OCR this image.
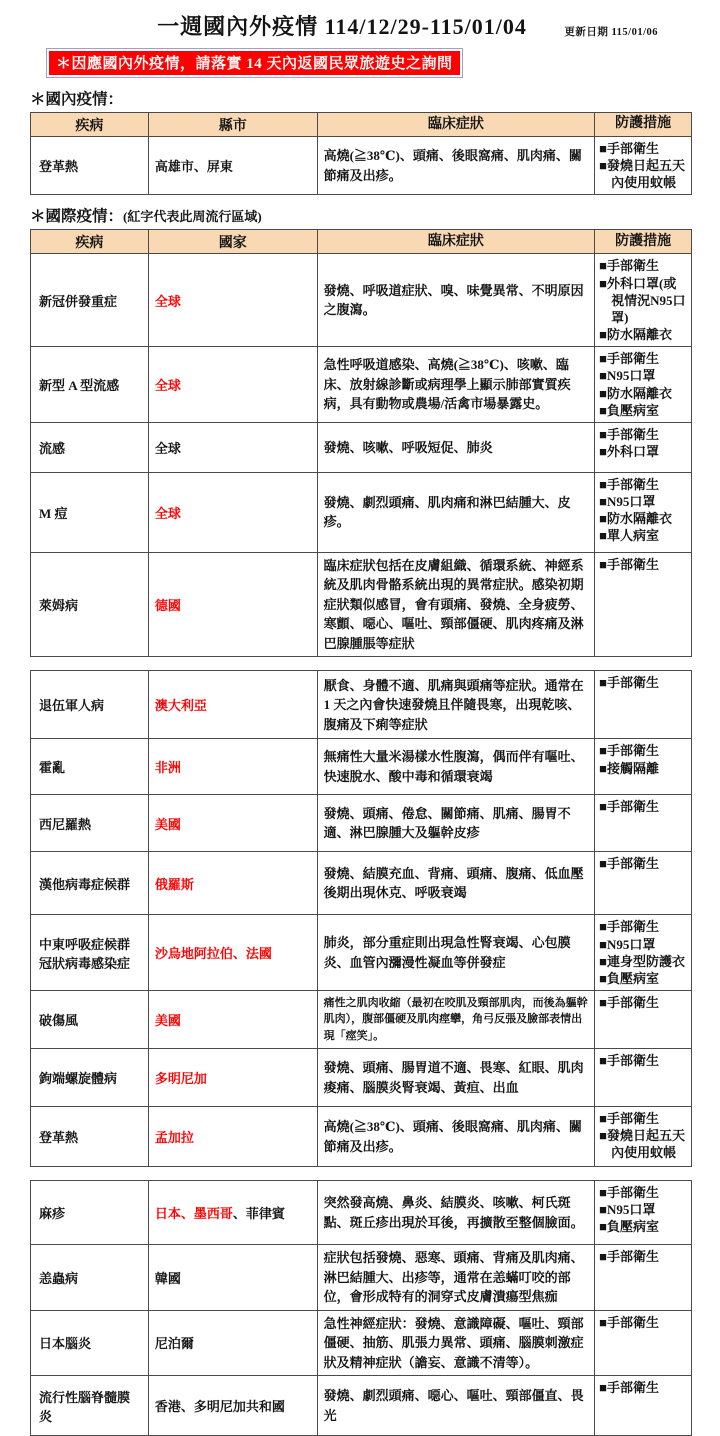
一週國內外疫情 114/12/29-115/01/04	更新日期 115/01/06
＊因應國內外疫情，請落實 14 天內返國民眾旅遊史之詢問
＊國內疫情：
疾病	縣市	臨床症狀	防護措施
登革熱	高雄市、屏東
高燒(≧38℃)、頭痛、後眼窩痛、肌肉痛、關節痛及出疹。
■手部衛生
■發燒日起五天內使用蚊帳
＊國際疫情：(紅字代表此周流行區域)
疾病	國家	臨床症狀	防護措施
新冠併發重症	全球
發燒、呼吸道症狀、嗅、味覺異常、不明原因之腹瀉。
■手部衛生
■外科口罩(或視情況N95口罩)
■防水隔離衣
新型 A 型流感	全球
急性呼吸道感染、高燒(≧38℃)、咳嗽、臨床、放射線診斷或病理學上顯示肺部實質疾病，具有動物或農場/活禽市場暴露史。
■手部衛生
■N95口罩
■防水隔離衣
■負壓病室
流感	全球	發燒、咳嗽、呼吸短促、肺炎
■手部衛生
■外科口罩
M 痘	全球
發燒、劇烈頭痛、肌肉痛和淋巴結腫大、皮疹。
■手部衛生
■N95口罩
■防水隔離衣
■單人病室
萊姆病	德國
臨床症狀包括在皮膚組織、循環系統、神經系統及肌肉骨骼系統出現的異常症狀。感染初期症狀類似感冒，會有頭痛、發燒、全身疲勞、寒顫、噁心、嘔吐、頸部僵硬、肌肉疼痛及淋巴腺腫脹等症狀
■手部衛生
退伍軍人病	澳大利亞
厭食、身體不適、肌痛與頭痛等症狀。通常在 1 天之內會快速發燒且伴隨畏寒，出現乾咳、腹痛及下痢等症狀
■手部衛生
霍亂	非洲
無痛性大量米湯樣水性腹瀉，偶而伴有嘔吐、快速脫水、酸中毒和循環衰竭
■手部衛生
■接觸隔離
西尼羅熱	美國
發燒、頭痛、倦怠、關節痛、肌痛、腸胃不適、淋巴腺腫大及軀幹皮疹
■手部衛生
漢他病毒症候群 俄羅斯
發燒、結膜充血、背痛、頭痛、腹痛、低血壓後期出現休克、呼吸衰竭
■手部衛生
中東呼吸症候群冠狀病毒感染症
沙烏地阿拉伯、法國
肺炎，部分重症則出現急性腎衰竭、心包膜炎、血管內瀰漫性凝血等併發症
■手部衛生
■N95口罩
■連身型防護衣
■負壓病室
破傷風	美國
痛性之肌肉收縮（最初在咬肌及頸部肌肉，而後為軀幹肌肉），腹部僵硬及肌肉痙攣，角弓反張及臉部表情出現「痙笑」。
■手部衛生
鉤端螺旋體病	多明尼加
發燒、頭痛、腸胃道不適、畏寒、紅眼、肌肉痠痛、腦膜炎腎衰竭、黃疸、出血
■手部衛生
登革熱	孟加拉
高燒(≧38℃)、頭痛、後眼窩痛、肌肉痛、關節痛及出疹。
■手部衛生
■發燒日起五天內使用蚊帳
麻疹	日本、墨西哥、菲律賓
突然發高燒、鼻炎、結膜炎、咳嗽、柯氏斑點、斑丘疹出現於耳後，再擴散至整個臉面。
■手部衛生
■N95口罩
■負壓病室
恙蟲病	韓國
症狀包括發燒、惡寒、頭痛、背痛及肌肉痛、淋巴結腫大、出疹等，通常在恙蟎叮咬的部位，會形成特有的洞穿式皮膚潰瘍型焦痂
■手部衛生
日本腦炎	尼泊爾
急性神經症狀：發燒、意識障礙、嘔吐、頸部僵硬、抽筋、肌張力異常、頭痛、腦膜刺激症狀及精神症狀（譫妄、意識不清等）。
■手部衛生
流行性腦脊髓膜炎
香港、多明尼加共和國
發燒、劇烈頭痛、噁心、嘔吐、頸部僵直、畏光
■手部衛生
